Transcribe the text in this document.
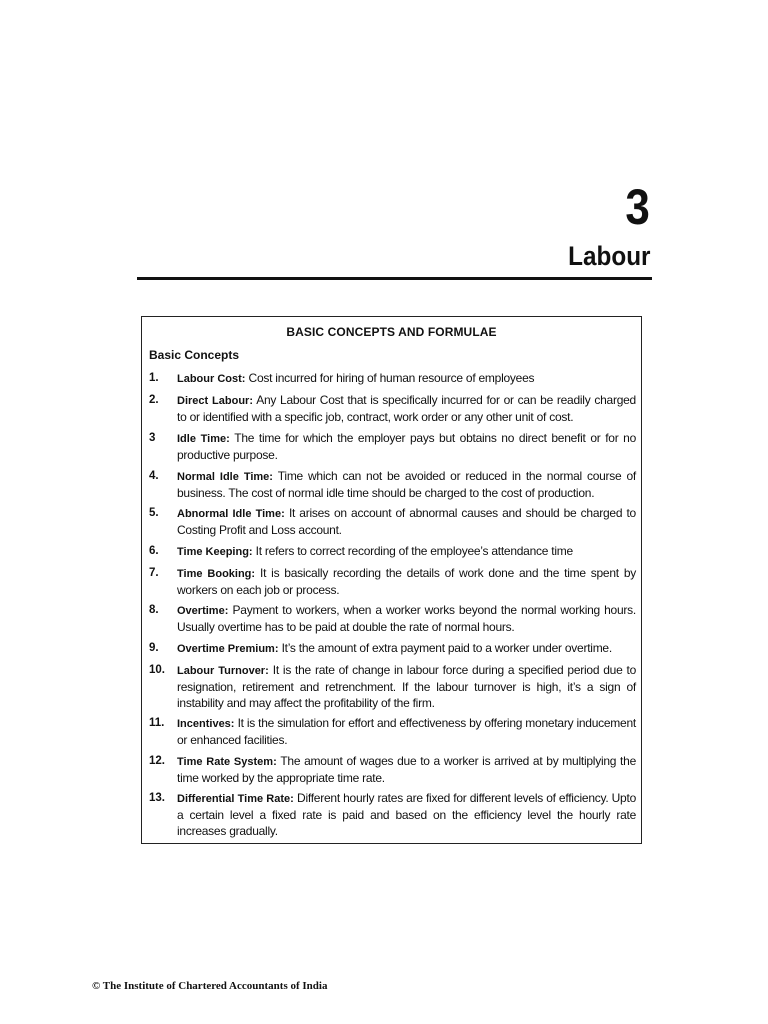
3
Labour
BASIC CONCEPTS AND FORMULAE
Basic Concepts
1.	Labour Cost: Cost incurred for hiring of human resource of employees
2.	Direct Labour: Any Labour Cost that is specifically incurred for or can be readily charged to or identified with a specific job, contract, work order or any other unit of cost.
3	Idle Time: The time for which the employer pays but obtains no direct benefit or for no productive purpose.
4.	Normal Idle Time: Time which can not be avoided or reduced in the normal course of business. The cost of normal idle time should be charged to the cost of production.
5.	Abnormal Idle Time: It arises on account of abnormal causes and should be charged to Costing Profit and Loss account.
6.	Time Keeping: It refers to correct recording of the employee’s attendance time
7.	Time Booking: It is basically recording the details of work done and the time spent by workers on each job or process.
8.	Overtime: Payment to workers, when a worker works beyond the normal working hours. Usually overtime has to be paid at double the rate of normal hours.
9.	Overtime Premium: It’s the amount of extra payment paid to a worker under overtime.
10.	Labour Turnover: It is the rate of change in labour force during a specified period due to resignation, retirement and retrenchment. If the labour turnover is high, it’s a sign of instability and may affect the profitability of the firm.
11.	Incentives: It is the simulation for effort and effectiveness by offering monetary inducement or enhanced facilities.
12.	Time Rate System: The amount of wages due to a worker is arrived at by multiplying the time worked by the appropriate time rate.
13.	Differential Time Rate: Different hourly rates are fixed for different levels of efficiency. Upto a certain level a fixed rate is paid and based on the efficiency level the hourly rate increases gradually.
© The Institute of Chartered Accountants of India
